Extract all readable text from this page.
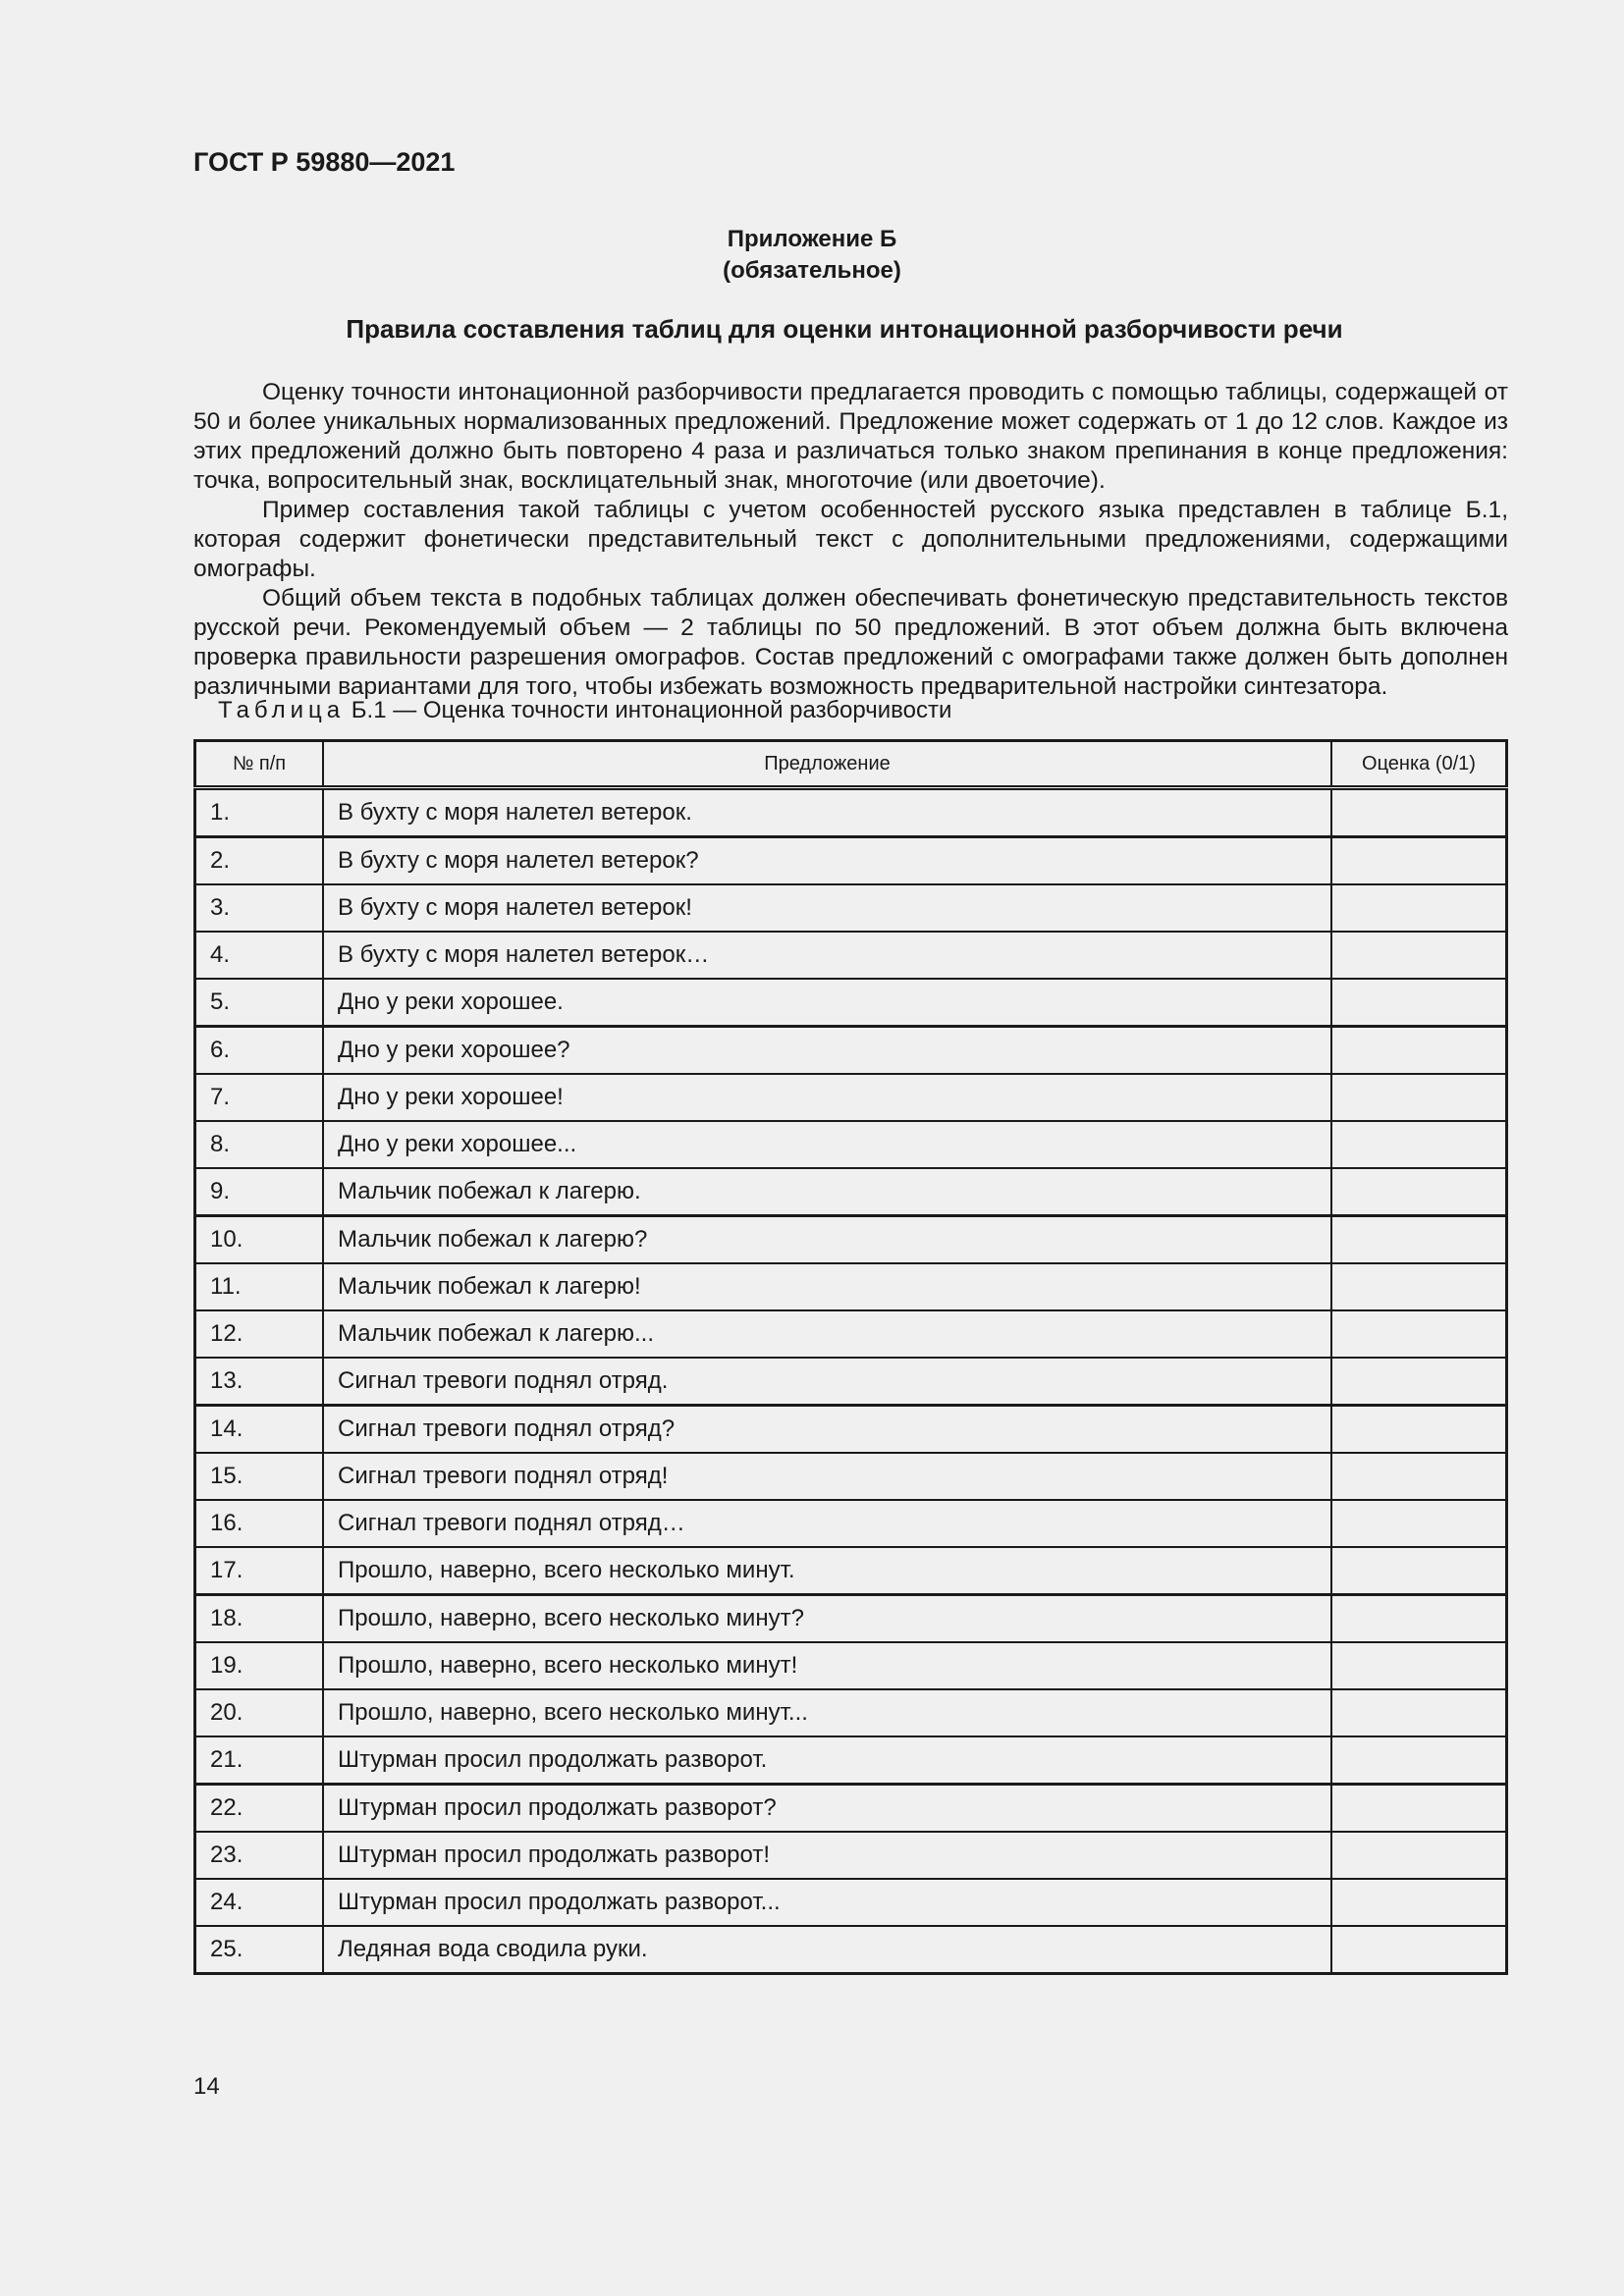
ГОСТ Р 59880—2021
Приложение Б
(обязательное)
Правила составления таблиц для оценки интонационной разборчивости речи

Оценку точности интонационной разборчивости предлагается проводить с помощью таблицы, содержащей от 50 и более уникальных нормализованных предложений. Предложение может содержать от 1 до 12 слов. Каждое из этих предложений должно быть повторено 4 раза и различаться только знаком препинания в конце предложения: точка, вопросительный знак, восклицательный знак, многоточие (или двоеточие).

Пример составления такой таблицы с учетом особенностей русского языка представлен в таблице Б.1, которая содержит фонетически представительный текст с дополнительными предложениями, содержащими омографы.

Общий объем текста в подобных таблицах должен обеспечивать фонетическую представительность текстов русской речи. Рекомендуемый объем — 2 таблицы по 50 предложений. В этот объем должна быть включена проверка правильности разрешения омографов. Состав предложений с омографами также должен быть дополнен различными вариантами для того, чтобы избежать возможность предварительной настройки синтезатора.

Таблица Б.1 — Оценка точности интонационной разборчивости
№ п/п	Предложение	Оценка (0/1)
1.	В бухту с моря налетел ветерок.	
2.	В бухту с моря налетел ветерок?	
3.	В бухту с моря налетел ветерок!	
4.	В бухту с моря налетел ветерок…	
5.	Дно у реки хорошее.	
6.	Дно у реки хорошее?	
7.	Дно у реки хорошее!	
8.	Дно у реки хорошее...	
9.	Мальчик побежал к лагерю.	
10.	Мальчик побежал к лагерю?	
11.	Мальчик побежал к лагерю!	
12.	Мальчик побежал к лагерю...	
13.	Сигнал тревоги поднял отряд.	
14.	Сигнал тревоги поднял отряд?	
15.	Сигнал тревоги поднял отряд!	
16.	Сигнал тревоги поднял отряд…	
17.	Прошло, наверно, всего несколько минут.	
18.	Прошло, наверно, всего несколько минут?	
19.	Прошло, наверно, всего несколько минут!	
20.	Прошло, наверно, всего несколько минут...	
21.	Штурман просил продолжать разворот.	
22.	Штурман просил продолжать разворот?	
23.	Штурман просил продолжать разворот!	
24.	Штурман просил продолжать разворот...	
25.	Ледяная вода сводила руки.	
14
